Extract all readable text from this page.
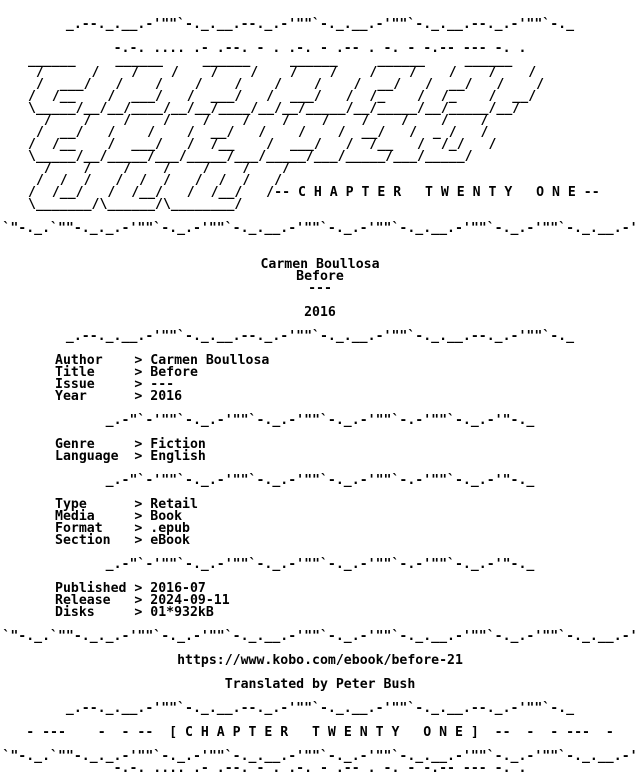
_.--._.__.-'""`-._.__.--._.-'""`-._.__.-'""`-._.__.--._.-'""`-._
-.-. .... .- .--. - . .-. - .-- . -. - -.-- --- -. .
______     ______     ______     ______     ______     ______
/      /    /    /    /    /    /    /    /    /    /    /    /
/  ___/   /    /    /    /    /    /    /  __/   /  __/   /    /
/  /__    /  ___/   /  ___/   /  ___/   /  /_    /  /_    /  __/
\_____/__/__/____/__/__/____/__/__/_____/__/_____/__/_____/__/
/    /    /    /    /    /    /    /    /    /    /    /
/  __/   /    /    /  __/   /    /    /  __/   /  _ /   /
/  /__    /  ___/   /  /__    /  ___/   /  /__   /  /_/   /
\_____/__/_____/___/_____/___/_____/___/_____/___/_____/
/    /    /    /    /    /    /
/  /  /   /  /  /   /  /  /   /
/  /__/   /  /__/   /  /__/   /-- C H A P T E R   T W E N T Y   O N E --
\_______/\______/\________/
`"-._.`""-._._.-'""`-._.-'""`-._.__.-'""`-._.-'""`-._.__.-'""`-._.-'""`-._.__.-'
Carmen Boullosa
Before
---
2016
_.--._.__.-'""`-._.__.--._.-'""`-._.__.-'""`-._.__.--._.-'""`-._
Author    > Carmen Boullosa
Title     > Before
Issue     > ---
Year      > 2016
_.-"`-'""`-._.-'""`-._.-'""`-._.-'""`-.-'""`-._.-'"-._
Genre     > Fiction
Language  > English
_.-"`-'""`-._.-'""`-._.-'""`-._.-'""`-.-'""`-._.-'"-._
Type      > Retail
Media     > Book
Format    > .epub
Section   > eBook
_.-"`-'""`-._.-'""`-._.-'""`-._.-'""`-.-'""`-._.-'"-._
Published > 2016-07
Release   > 2024-09-11
Disks     > 01*932kB
`"-._.`""-._._.-'""`-._.-'""`-._.__.-'""`-._.-'""`-._.__.-'""`-._.-'""`-._.__.-'
https://www.kobo.com/ebook/before-21
Translated by Peter Bush
_.--._.__.-'""`-._.__.--._.-'""`-._.__.-'""`-._.__.--._.-'""`-._
- ---    -  - --  [ C H A P T E R   T W E N T Y   O N E ]  --  -  - ---  -
`"-._.`""-._._.-'""`-._.-'""`-._.__.-'""`-._.-'""`-._.__.-'""`-._.-'""`-._.__.-'
-.-. .... .- .--. - . .-. - .-- . -. - -.-- --- -. .
